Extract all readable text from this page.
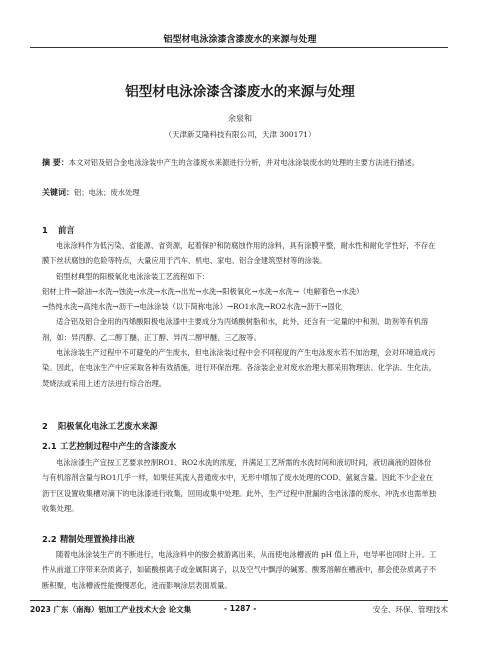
铝型材电泳涂漆含漆废水的来源与处理
铝型材电泳涂漆含漆废水的来源与处理
余泉和
（天津新艾隆科技有限公司，天津 300171）
摘 要：本文对铝及铝合金电泳涂装中产生的含漆废水来源进行分析，并对电泳涂装废水的处理的主要方法进行描述。
关键词：铝；电泳；废水处理
1 前言

电泳涂料作为低污染、省能源、省资源，起着保护和防腐蚀作用的涂料，具有涂膜平整，耐水性和耐化学性好，不存在膜下丝状腐蚀的危险等特点，大量应用于汽车、机电、家电、铝合金建筑型材等的涂装。

铝型材典型的阳极氧化电泳涂装工艺流程如下：

铝材上件→除油→水洗→蚀洗→水洗→水洗→出光→水洗→阳极氧化→水洗→水洗→（电解着色→水洗）

→热纯水洗→高纯水洗→沥干→电泳涂装（以下简称电泳）→RO1水洗→RO2水洗→沥干→固化

适合铝及铝合金用的丙烯酸阳极电泳漆中主要成分为丙烯酸树脂和水，此外，还含有一定量的中和剂、助剂等有机溶剂，如：异丙醇、乙二醇丁醚、正丁醇、异丙二醇甲醚、三乙胺等。

电泳涂装生产过程中不可避免的产生废水，但电泳涂装过程中会不同程度的产生电泳废水若不加治理，会对环境造成污染。因此，在电泳生产中应采取各种有效措施，进行环保治理。各涂装企业对废水治理大都采用物理法、化学法、生化法，焚烧法或采用上述方法进行综合治理。

2 阳极氧化电泳工艺废水来源
2.1 工艺控制过程中产生的含漆废水

电泳涂漆生产宜按工艺要求控制RO1、RO2水洗的浓度，并满足工艺所需的水洗时间和液切时间，液切滴液的固体份与有机溶剂含量与RO1几乎一样，如果任其流入普通废水中，无形中增加了废水处理的COD、氨氮含量。因此不少企业在沥干区设置收集槽对滴下的电泳漆进行收集，回用或集中处理。此外，生产过程中泄漏的含电泳漆的废水、冲洗水也需单独收集处理。

2.2 精制处理置换排出液

随着电泳涂装生产的不断进行，电泳涂料中的胺会被游离出来，从而使电泳槽液的 pH 值上升，电导率也同时上升。工件从前道工序带来杂质离子，如硫酸根离子或金属阳离子，以及空气中飘浮的碱雾、酸雾溶解在槽液中，都会使杂质离子不断积聚，电泳槽液性能慢慢恶化，进而影响涂层表面质量。

2023 广东（南海）铝加工产业技术大会 论文集	- 1287 -	安全、环保、管理技术
